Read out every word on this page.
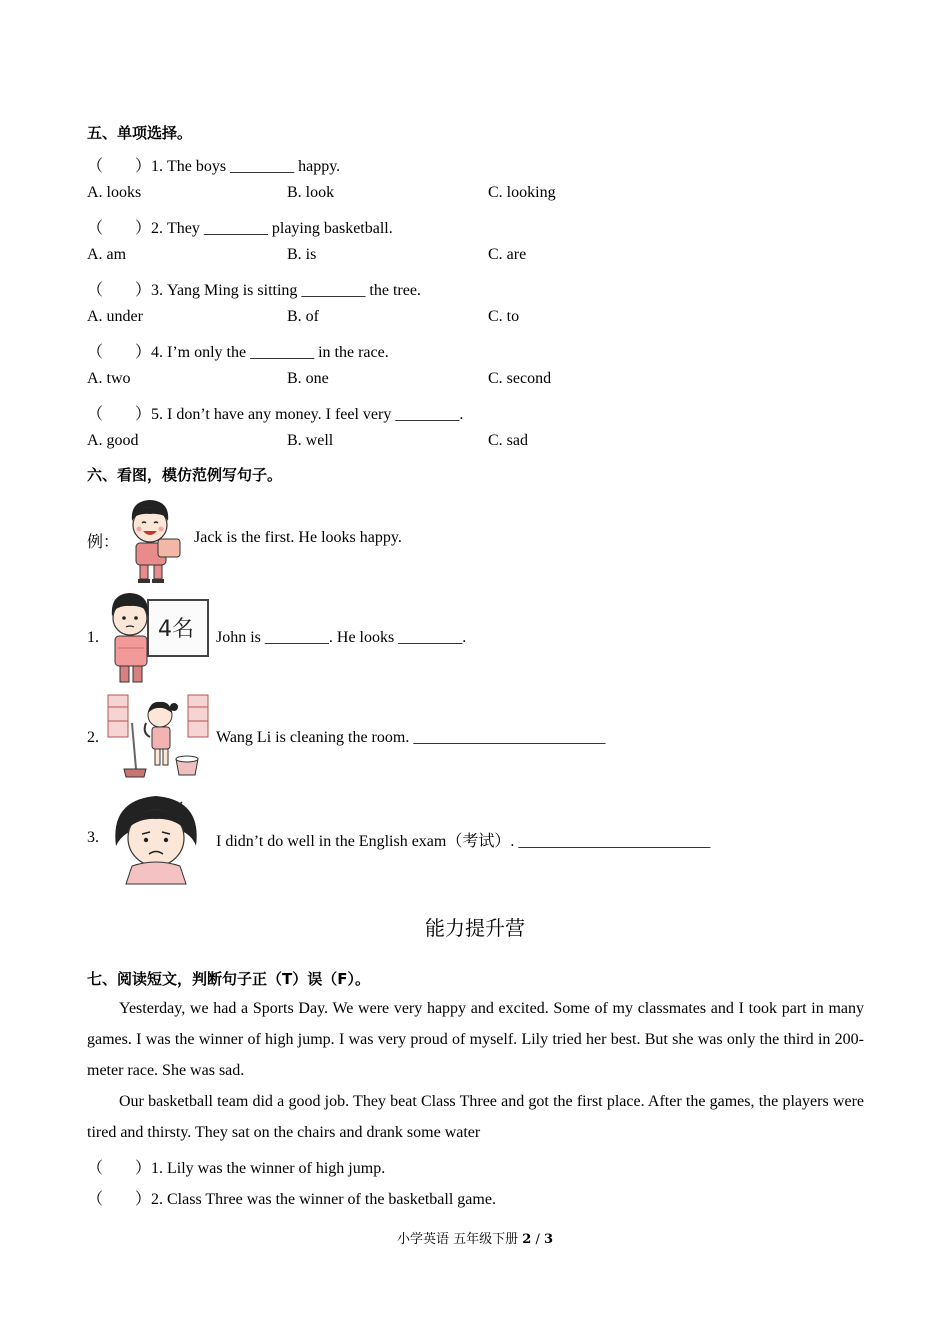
五、单项选择。
（　　）1. The boys ________ happy.
A. looks	B. look	C. looking
（　　）2. They ________ playing basketball.
A. am	B. is	C. are
（　　）3. Yang Ming is sitting ________ the tree.
A. under	B. of	C. to
（　　）4. I’m only the ________ in the race.
A. two	B. one	C. second
（　　）5. I don’t have any money. I feel very ________.
A. good	B. well	C. sad
六、看图，模仿范例写句子。
例：	Jack is the first. He looks happy.
1.	4名 John is ________. He looks ________.
2.	Wang Li is cleaning the room. ________________________
3.	I didn’t do well in the English exam（考试）. ________________________
能力提升营
七、阅读短文，判断句子正（T）误（F）。
Yesterday, we had a Sports Day. We were very happy and excited. Some of my classmates and I took part in many games. I was the winner of high jump. I was very proud of myself. Lily tried her best. But she was only the third in 200-meter race. She was sad.
Our basketball team did a good job. They beat Class Three and got the first place. After the games, the players were tired and thirsty. They sat on the chairs and drank some water
（　　）1. Lily was the winner of high jump.
（　　）2. Class Three was the winner of the basketball game.
小学英语 五年级下册 2 / 3
